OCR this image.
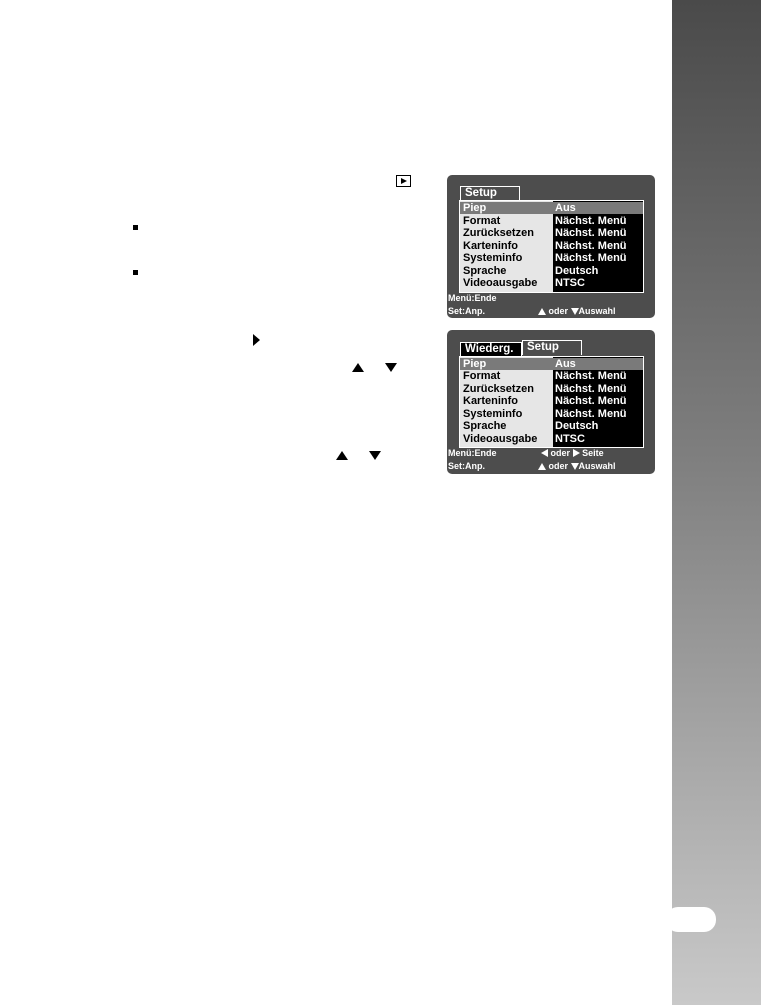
Setup
Piep	Aus
Format	Nächst. Menü
Zurücksetzen Nächst. Menü
Karteninfo	Nächst. Menü
Systeminfo	Nächst. Menü
Sprache	Deutsch
Videoausgabe NTSC
Menü:Ende
Set:Anp.	oder Auswahl
Wiederg.	Setup
Piep	Aus
Format	Nächst. Menü
Zurücksetzen Nächst. Menü
Karteninfo	Nächst. Menü
Systeminfo	Nächst. Menü
Sprache	Deutsch
Videoausgabe NTSC
Menü:Ende	oder Seite
Set:Anp.	oder Auswahl
